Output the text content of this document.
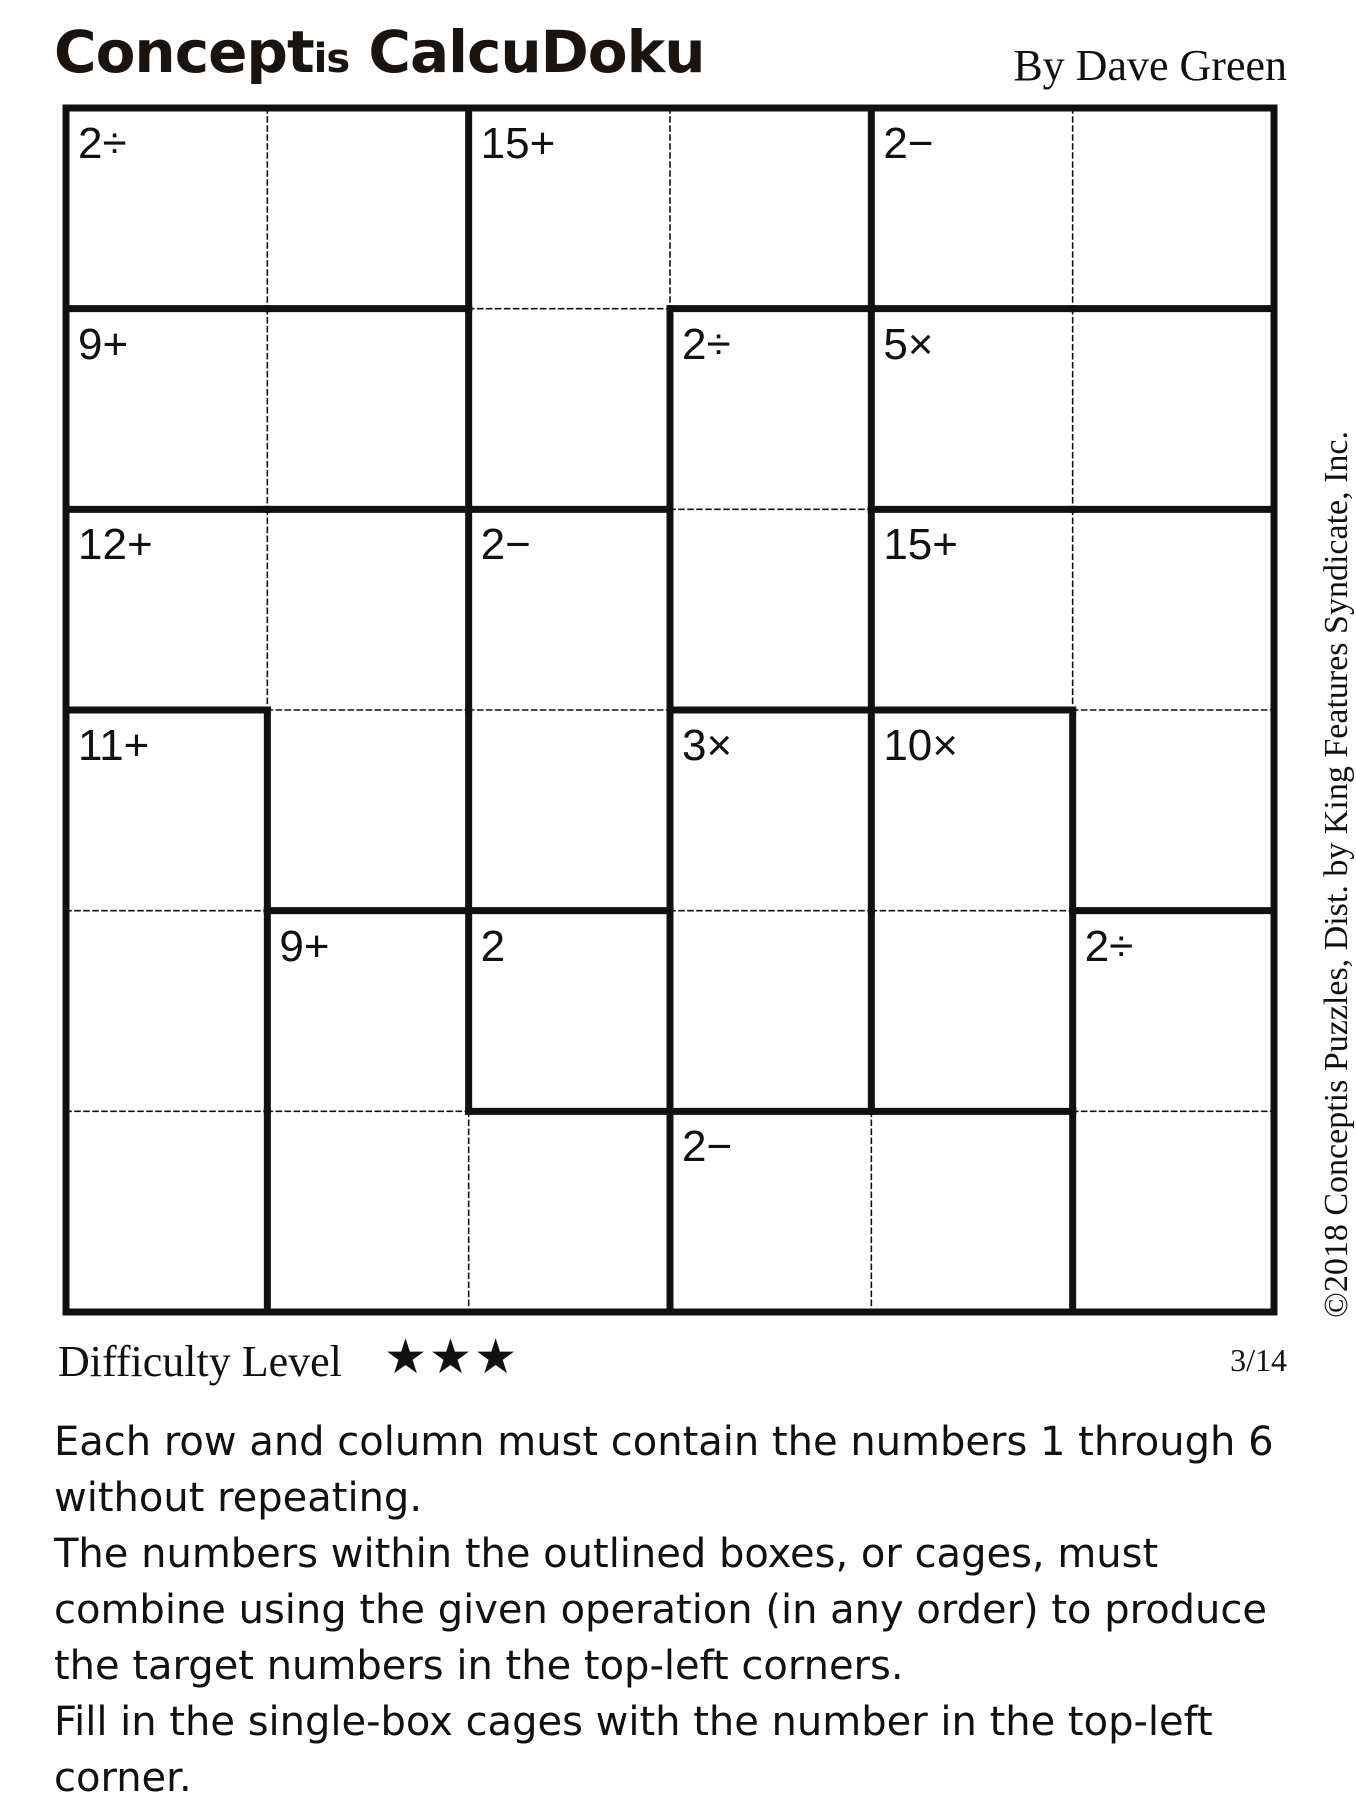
Conceptis CalcuDoku	By Dave Green
2÷	15+	2−
9+	2÷	5×
12+	2−	15+
11+	3×	10×
9+	2	2÷
2−	©2018 Conceptis Puzzles, Dist. by King Features Syndicate, Inc.
Difficulty Level ★★★	3/14

Each row and column must contain the numbers 1 through 6 without repeating.

The numbers within the outlined boxes, or cages, must combine using the given operation (in any order) to produce the target numbers in the top-left corners.

Fill in the single-box cages with the number in the top-left corner.
